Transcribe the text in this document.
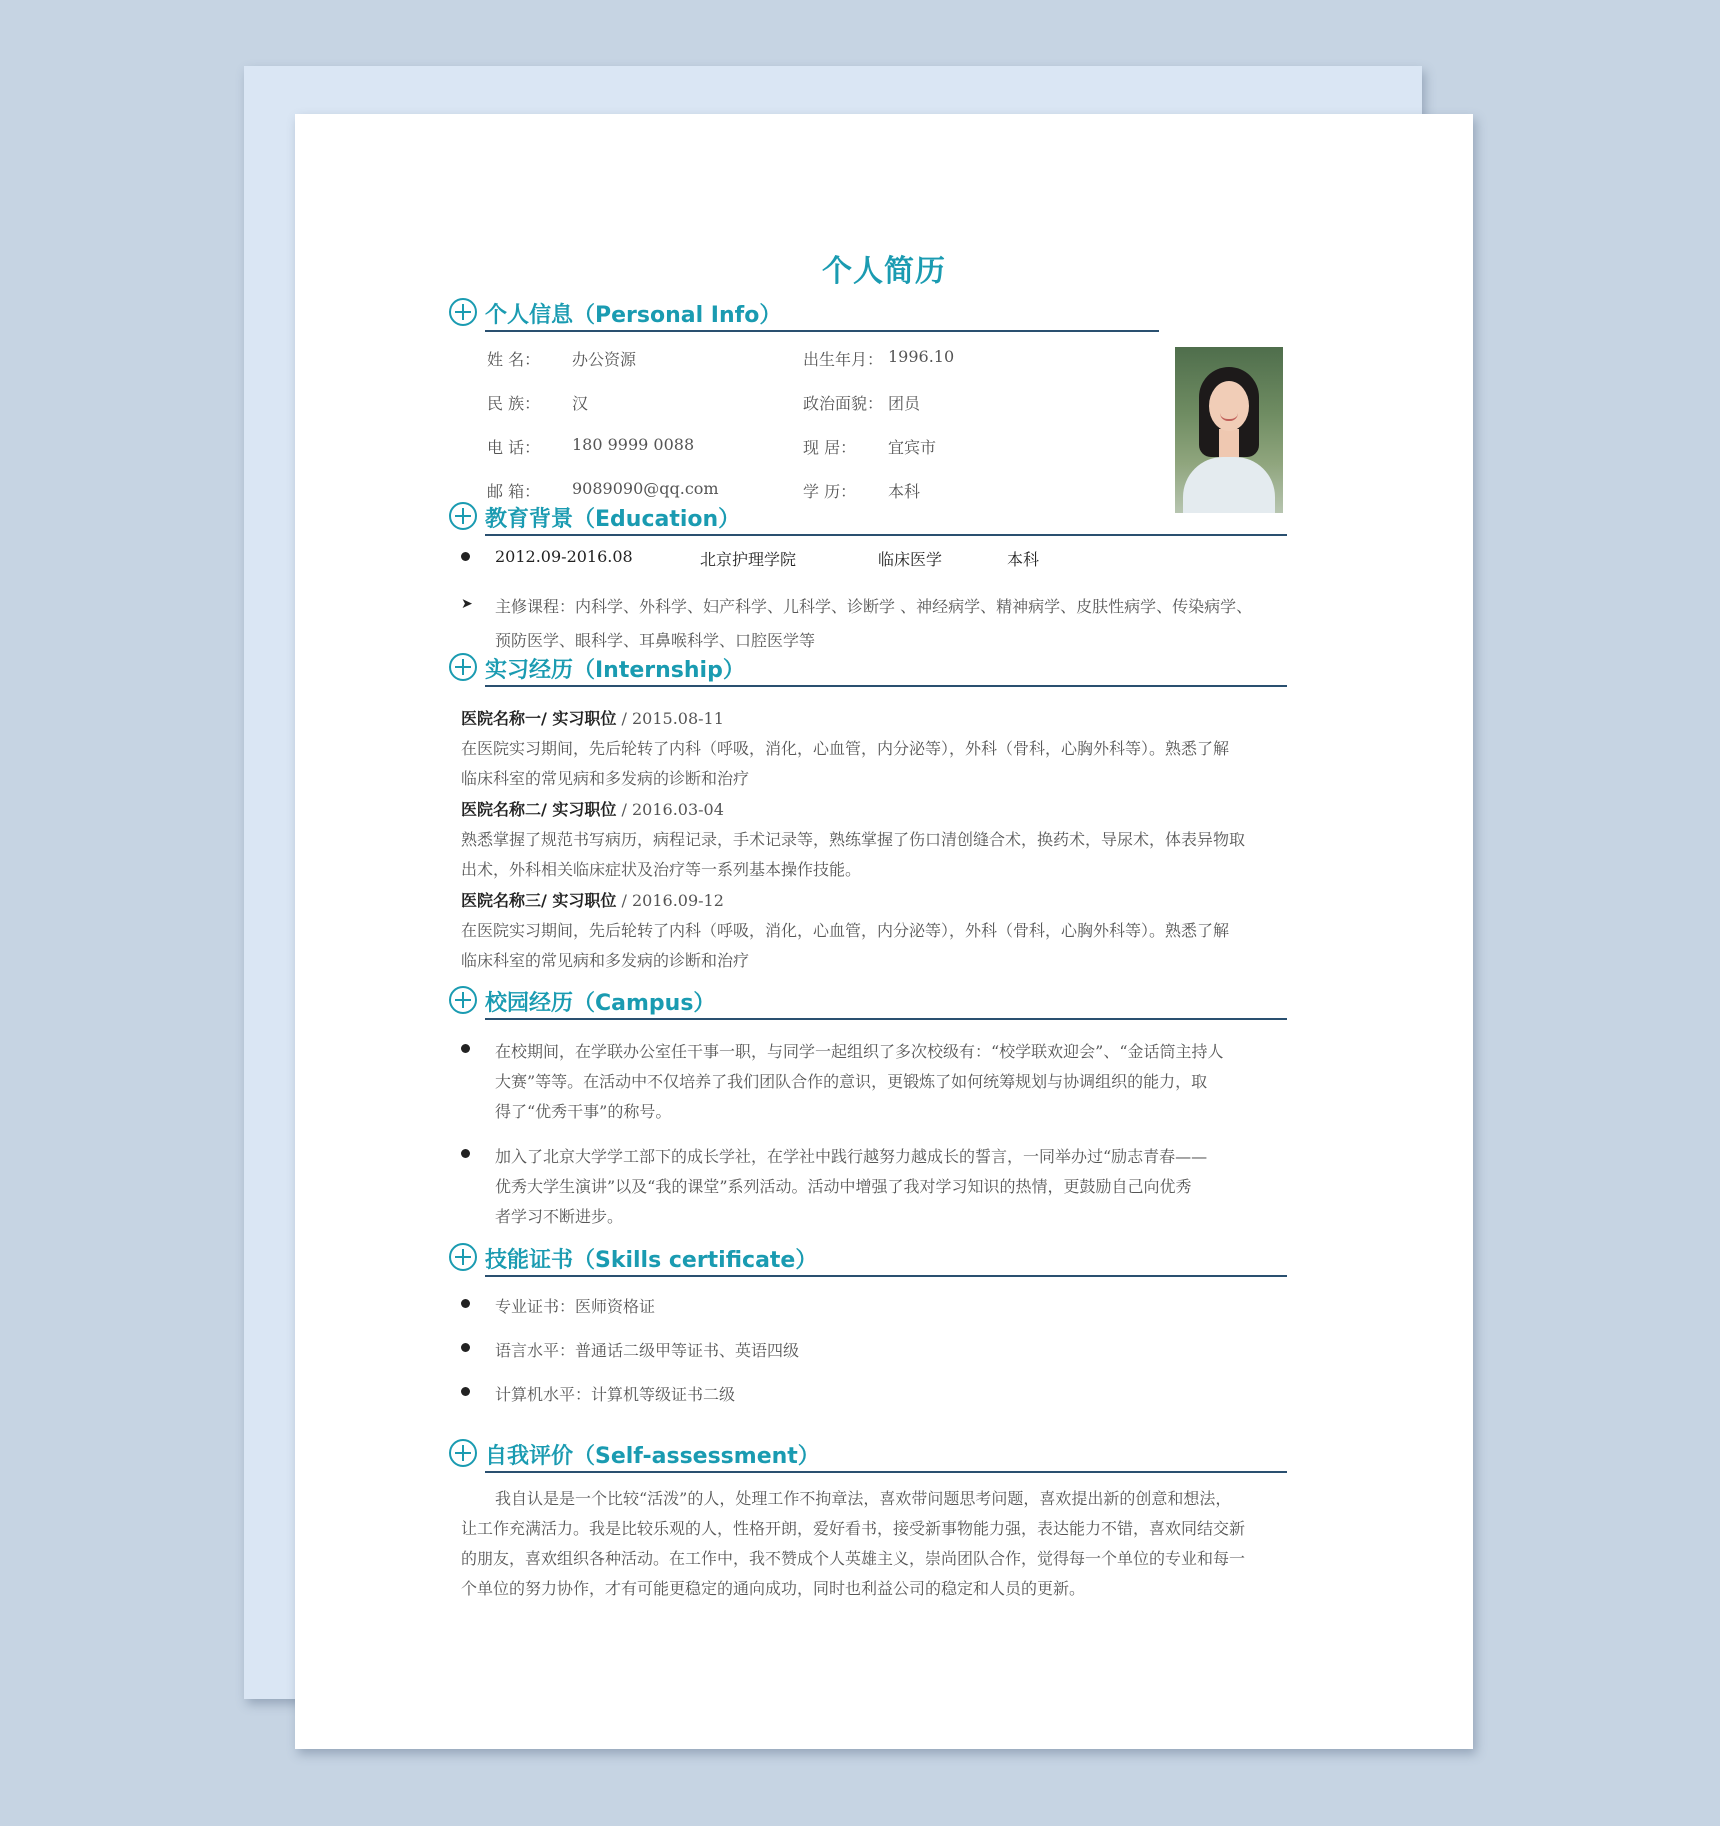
个人简历
个人信息（Personal Info）
姓 名： 办公资源	出生年月： 1996.10
民 族： 汉	政治面貌： 团员
电 话： 180 9999 0088	现 居： 宜宾市
邮 箱： 9089090@qq.com	学 历： 本科
教育背景（Education）
2012.09-2016.08	北京护理学院	临床医学	本科
➤ 主修课程：内科学、外科学、妇产科学、儿科学、诊断学 、神经病学、精神病学、皮肤性病学、传染病学、
预防医学、眼科学、耳鼻喉科学、口腔医学等
实习经历（Internship）
医院名称一/ 实习职位 / 2015.08-11
在医院实习期间，先后轮转了内科（呼吸，消化，心血管，内分泌等），外科（骨科，心胸外科等）。熟悉了解
临床科室的常见病和多发病的诊断和治疗
医院名称二/ 实习职位 / 2016.03-04
熟悉掌握了规范书写病历，病程记录，手术记录等，熟练掌握了伤口清创缝合术，换药术，导尿术，体表异物取
出术，外科相关临床症状及治疗等一系列基本操作技能。
医院名称三/ 实习职位 / 2016.09-12
在医院实习期间，先后轮转了内科（呼吸，消化，心血管，内分泌等），外科（骨科，心胸外科等）。熟悉了解
临床科室的常见病和多发病的诊断和治疗
校园经历（Campus）
在校期间，在学联办公室任干事一职，与同学一起组织了多次校级有：“校学联欢迎会”、“金话筒主持人
大赛”等等。在活动中不仅培养了我们团队合作的意识，更锻炼了如何统筹规划与协调组织的能力，取
得了“优秀干事”的称号。
加入了北京大学学工部下的成长学社，在学社中践行越努力越成长的誓言，一同举办过“励志青春——
优秀大学生演讲”以及“我的课堂”系列活动。活动中增强了我对学习知识的热情，更鼓励自己向优秀
者学习不断进步。
技能证书（Skills certificate）
专业证书：医师资格证
语言水平：普通话二级甲等证书、英语四级
计算机水平：计算机等级证书二级
自我评价（Self-assessment）
我自认是是一个比较“活泼”的人，处理工作不拘章法，喜欢带问题思考问题，喜欢提出新的创意和想法，
让工作充满活力。我是比较乐观的人，性格开朗，爱好看书，接受新事物能力强，表达能力不错，喜欢同结交新
的朋友，喜欢组织各种活动。在工作中，我不赞成个人英雄主义，崇尚团队合作，觉得每一个单位的专业和每一
个单位的努力协作，才有可能更稳定的通向成功，同时也利益公司的稳定和人员的更新。
